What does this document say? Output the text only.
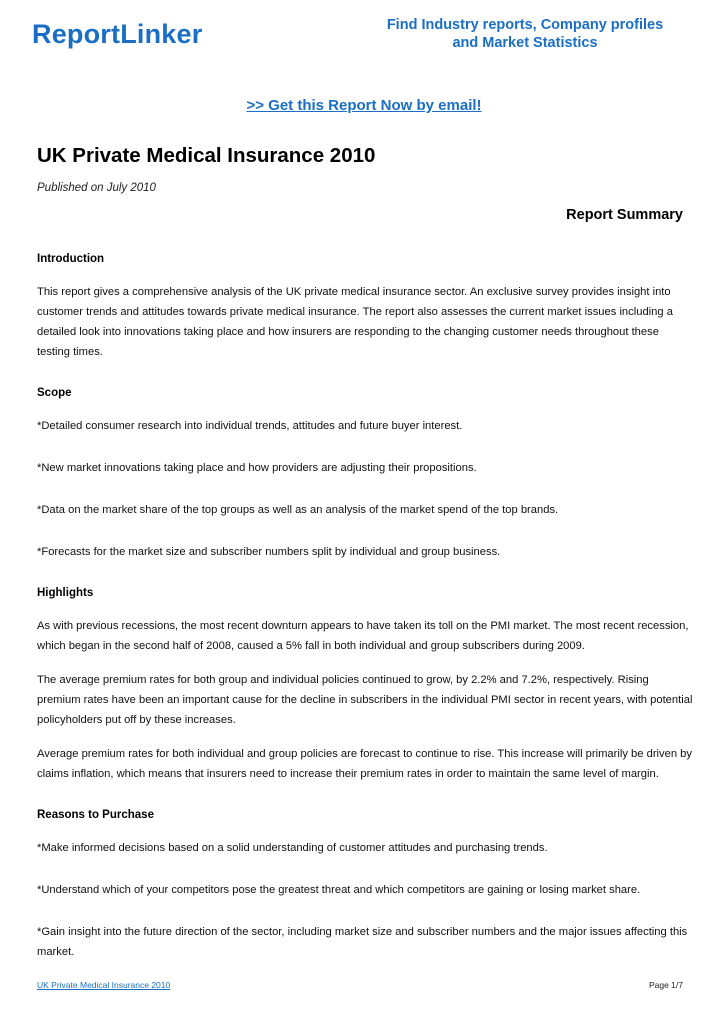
ReportLinker	Find Industry reports, Company profiles
and Market Statistics
>> Get this Report Now by email!
UK Private Medical Insurance 2010
Published on July 2010
Report Summary
Introduction

This report gives a comprehensive analysis of the UK private medical insurance sector. An exclusive survey provides insight into customer trends and attitudes towards private medical insurance. The report also assesses the current market issues including a detailed look into innovations taking place and how insurers are responding to the changing customer needs throughout these testing times.

Scope

*Detailed consumer research into individual trends, attitudes and future buyer interest.

*New market innovations taking place and how providers are adjusting their propositions.

*Data on the market share of the top groups as well as an analysis of the market spend of the top brands.

*Forecasts for the market size and subscriber numbers split by individual and group business.

Highlights

As with previous recessions, the most recent downturn appears to have taken its toll on the PMI market. The most recent recession, which began in the second half of 2008, caused a 5% fall in both individual and group subscribers during 2009.

The average premium rates for both group and individual policies continued to grow, by 2.2% and 7.2%, respectively. Rising premium rates have been an important cause for the decline in subscribers in the individual PMI sector in recent years, with potential policyholders put off by these increases.

Average premium rates for both individual and group policies are forecast to continue to rise. This increase will primarily be driven by claims inflation, which means that insurers need to increase their premium rates in order to maintain the same level of margin.

Reasons to Purchase

*Make informed decisions based on a solid understanding of customer attitudes and purchasing trends.

*Understand which of your competitors pose the greatest threat and which competitors are gaining or losing market share.

*Gain insight into the future direction of the sector, including market size and subscriber numbers and the major issues affecting this market.

UK Private Medical Insurance 2010	Page 1/7
